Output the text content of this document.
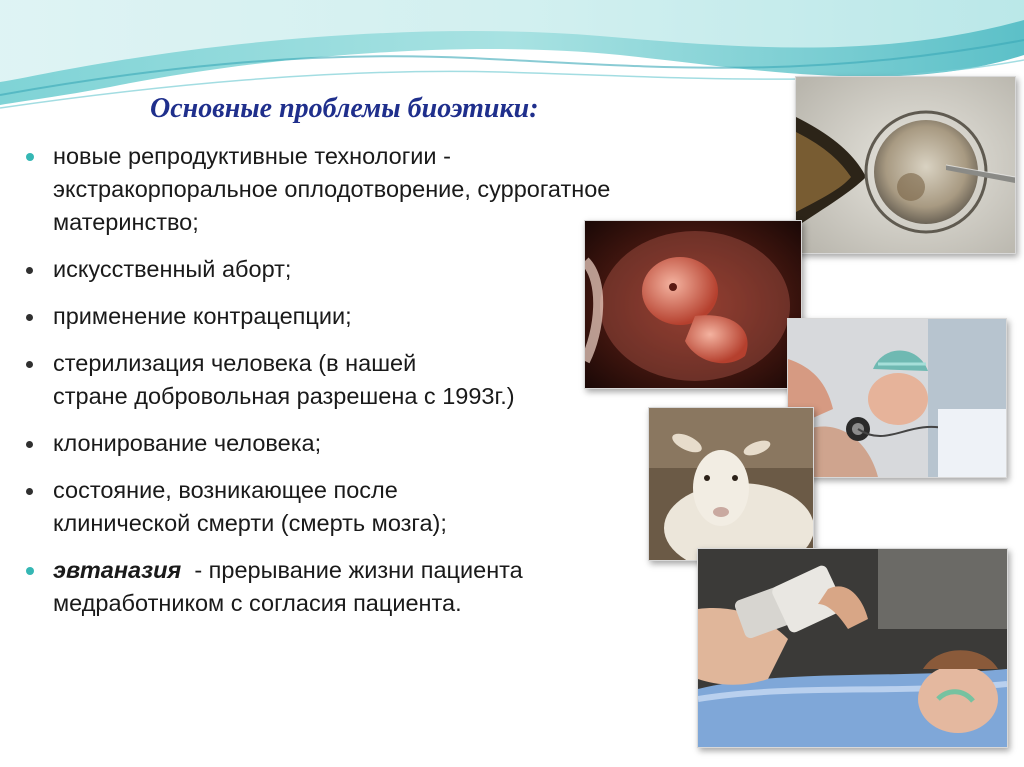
Основные проблемы биоэтики:
новые репродуктивные технологии -
экстракорпоральное оплодотворение, суррогатное
материнство;
искусственный аборт;
применение контрацепции;
стерилизация человека (в нашей
стране добровольная разрешена с 1993г.)
клонирование человека;
состояние, возникающее после
клинической смерти (смерть мозга);
эвтаназия  - прерывание жизни пациента
медработником с согласия пациента.
